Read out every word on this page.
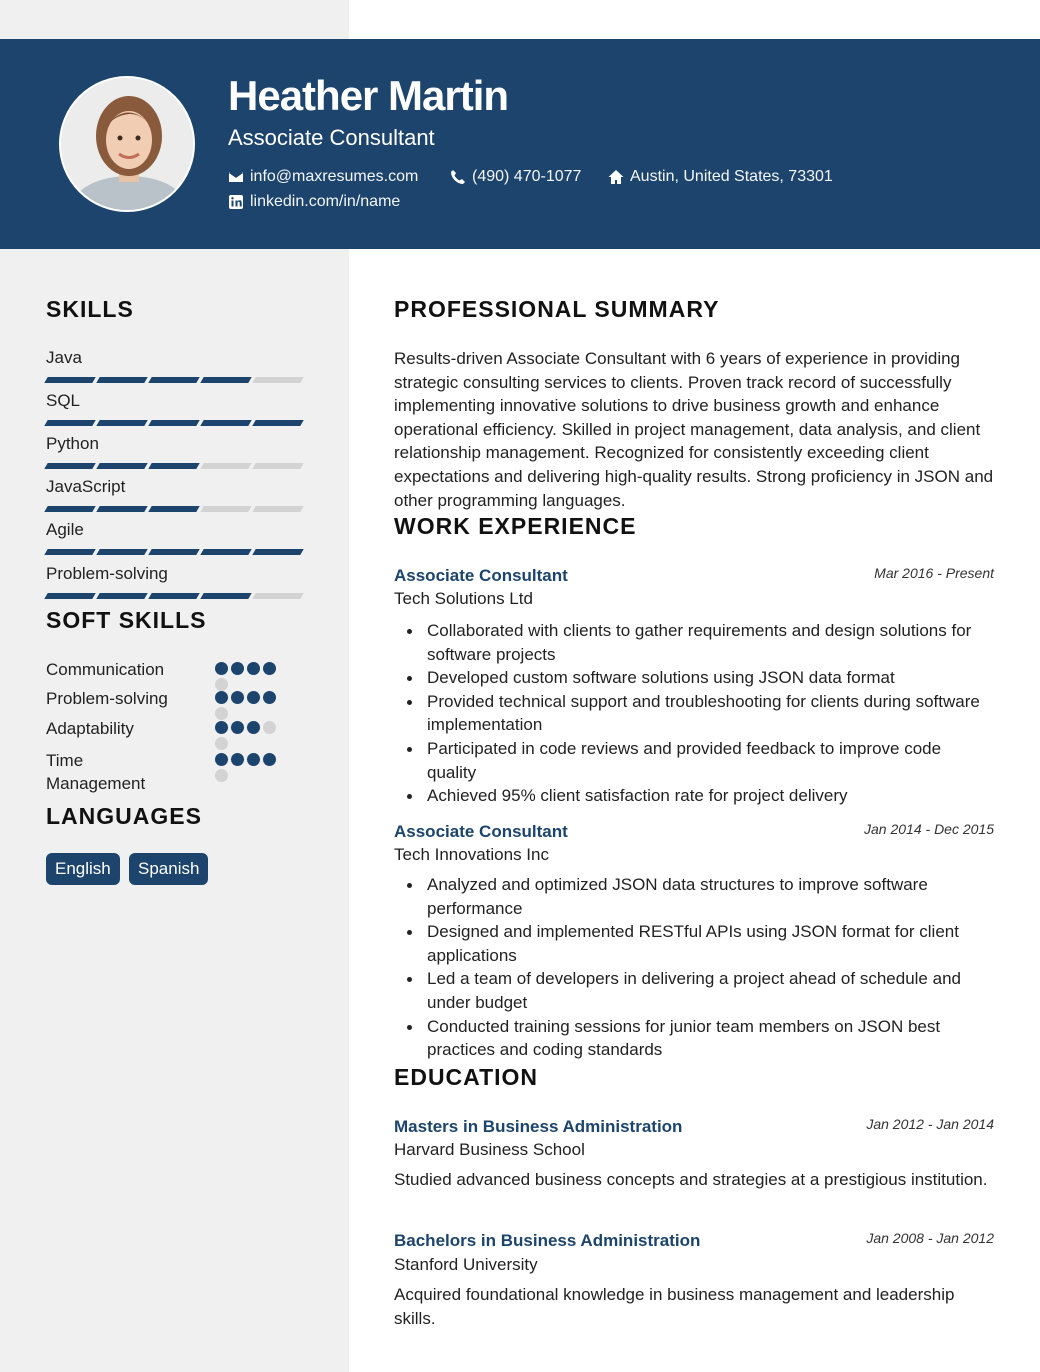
Heather Martin
Associate Consultant
info@maxresumes.com	(490) 470-1077	Austin, United States, 73301
linkedin.com/in/name
SKILLS
Java
SQL
Python
JavaScript
Agile
Problem-solving
SOFT SKILLS
Communication
Problem-solving
Adaptability
Time Management
LANGUAGES
English	Spanish
PROFESSIONAL SUMMARY
Results-driven Associate Consultant with 6 years of experience in providing strategic consulting services to clients. Proven track record of successfully implementing innovative solutions to drive business growth and enhance operational efficiency. Skilled in project management, data analysis, and client relationship management. Recognized for consistently exceeding client expectations and delivering high-quality results. Strong proficiency in JSON and other programming languages.
WORK EXPERIENCE
Associate Consultant	Mar 2016 - Present
Tech Solutions Ltd
Collaborated with clients to gather requirements and design solutions for software projects
Developed custom software solutions using JSON data format
Provided technical support and troubleshooting for clients during software implementation
Participated in code reviews and provided feedback to improve code quality
Achieved 95% client satisfaction rate for project delivery
Associate Consultant	Jan 2014 - Dec 2015
Tech Innovations Inc
Analyzed and optimized JSON data structures to improve software performance
Designed and implemented RESTful APIs using JSON format for client applications
Led a team of developers in delivering a project ahead of schedule and under budget
Conducted training sessions for junior team members on JSON best practices and coding standards
EDUCATION
Masters in Business Administration	Jan 2012 - Jan 2014
Harvard Business School
Studied advanced business concepts and strategies at a prestigious institution.
Bachelors in Business Administration	Jan 2008 - Jan 2012
Stanford University
Acquired foundational knowledge in business management and leadership skills.
